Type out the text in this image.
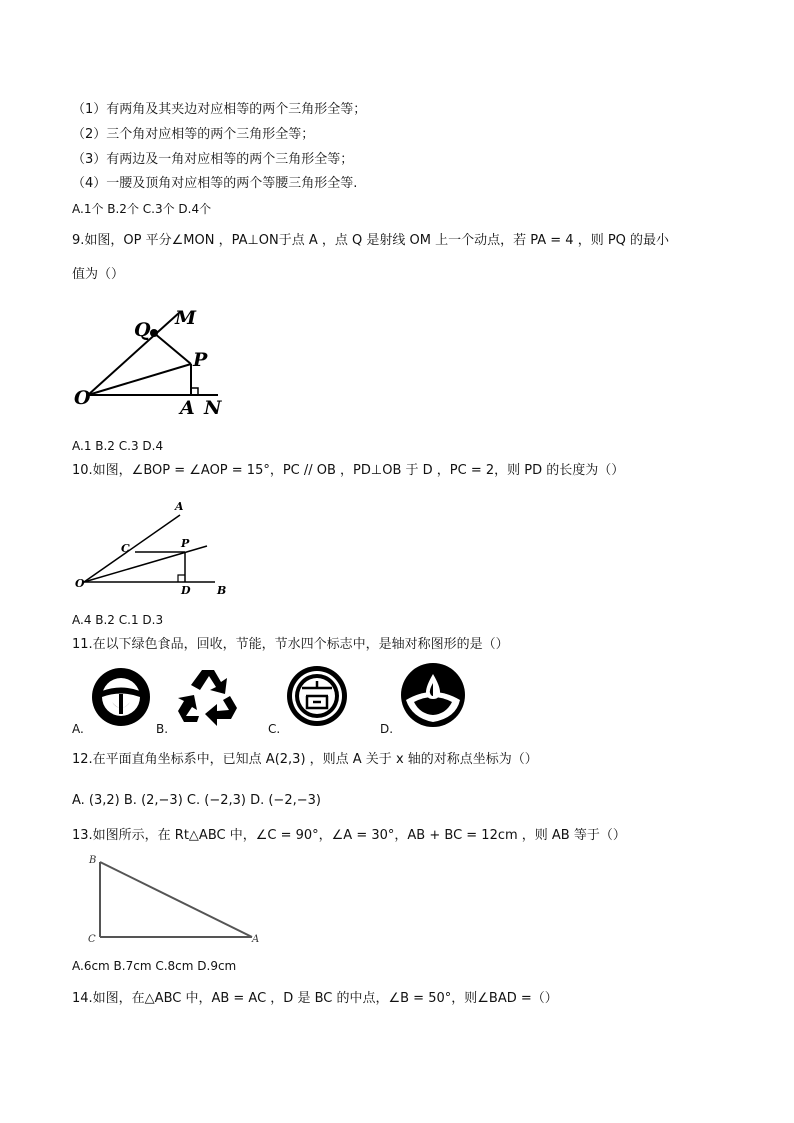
（1）有两角及其夹边对应相等的两个三角形全等；
（2）三个角对应相等的两个三角形全等；
（3）有两边及一角对应相等的两个三角形全等；
（4）一腰及顶角对应相等的两个等腰三角形全等.
A.1个 B.2个 C.3个 D.4个
9.如图，OP 平分∠MON ，PA⊥ON于点 A ，点 Q 是射线 OM 上一个动点，若 PA = 4 ，则 PQ 的最小
值为（）
Q
M
P
O	A N
A.1 B.2 C.3 D.4
10.如图，∠BOP = ∠AOP = 15°，PC // OB ，PD⊥OB 于 D ，PC = 2，则 PD 的长度为（）
A
C	P
O
D B
A.4 B.2 C.1 D.3
11.在以下绿色食品，回收，节能，节水四个标志中，是轴对称图形的是（）
A.	B.	C.	D.
12.在平面直角坐标系中，已知点 A(2,3) ，则点 A 关于 x 轴的对称点坐标为（）
A. (3,2) B. (2,−3) C. (−2,3) D. (−2,−3)
13.如图所示，在 Rt△ABC 中，∠C = 90°，∠A = 30°，AB + BC = 12cm ，则 AB 等于（）
B
C	A
A.6cm B.7cm C.8cm D.9cm
14.如图，在△ABC 中，AB = AC ，D 是 BC 的中点，∠B = 50°，则∠BAD =（）
